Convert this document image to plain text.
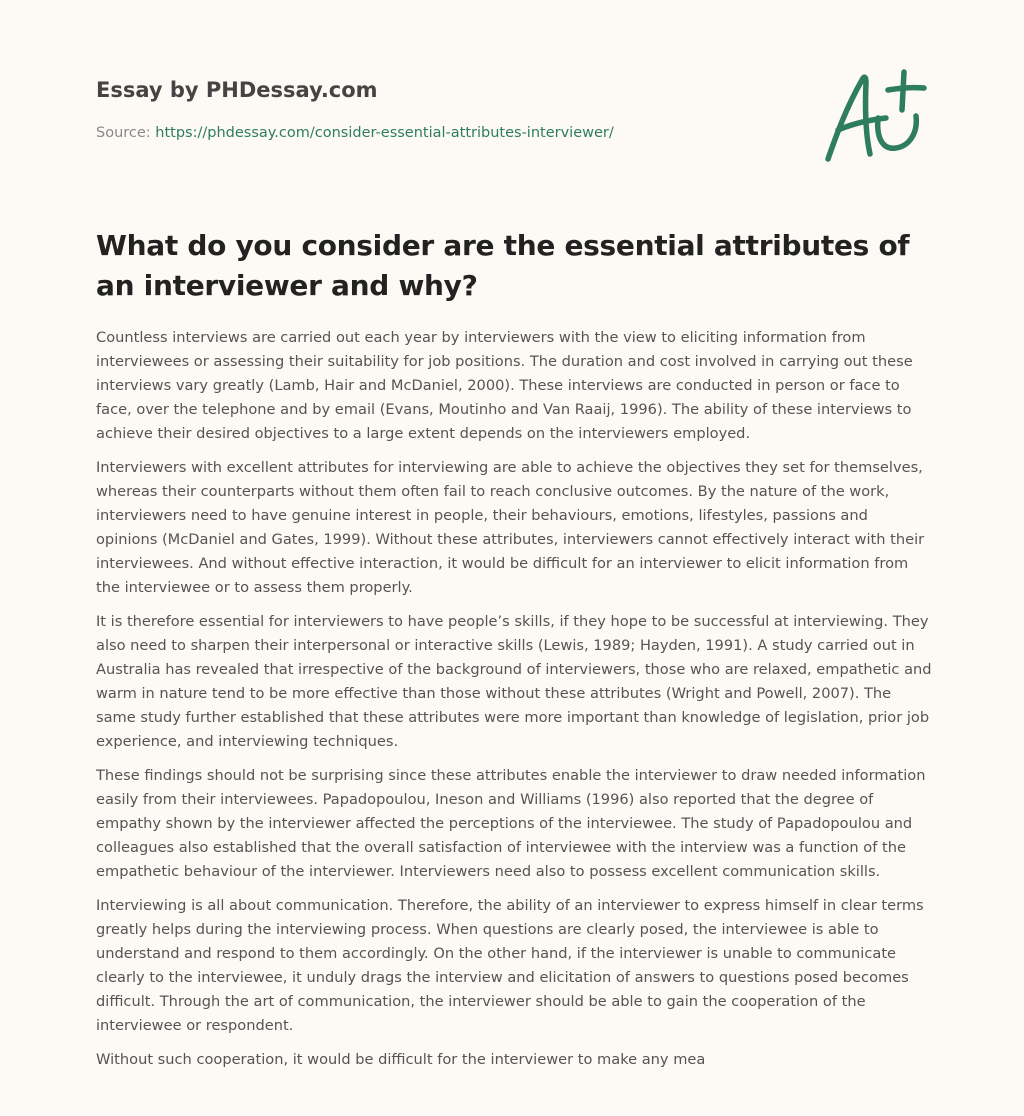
Essay by PHDessay.com
Source: https://phdessay.com/consider-essential-attributes-interviewer/
What do you consider are the essential attributes of an interviewer and why?

Countless interviews are carried out each year by interviewers with the view to eliciting information from interviewees or assessing their suitability for job positions. The duration and cost involved in carrying out these interviews vary greatly (Lamb, Hair and McDaniel, 2000). These interviews are conducted in person or face to face, over the telephone and by email (Evans, Moutinho and Van Raaij, 1996). The ability of these interviews to achieve their desired objectives to a large extent depends on the interviewers employed.

Interviewers with excellent attributes for interviewing are able to achieve the objectives they set for themselves, whereas their counterparts without them often fail to reach conclusive outcomes. By the nature of the work, interviewers need to have genuine interest in people, their behaviours, emotions, lifestyles, passions and opinions (McDaniel and Gates, 1999). Without these attributes, interviewers cannot effectively interact with their interviewees. And without effective interaction, it would be difficult for an interviewer to elicit information from the interviewee or to assess them properly.

It is therefore essential for interviewers to have people’s skills, if they hope to be successful at interviewing. They also need to sharpen their interpersonal or interactive skills (Lewis, 1989; Hayden, 1991). A study carried out in Australia has revealed that irrespective of the background of interviewers, those who are relaxed, empathetic and warm in nature tend to be more effective than those without these attributes (Wright and Powell, 2007). The same study further established that these attributes were more important than knowledge of legislation, prior job experience, and interviewing techniques.

These findings should not be surprising since these attributes enable the interviewer to draw needed information easily from their interviewees. Papadopoulou, Ineson and Williams (1996) also reported that the degree of empathy shown by the interviewer affected the perceptions of the interviewee. The study of Papadopoulou and colleagues also established that the overall satisfaction of interviewee with the interview was a function of the empathetic behaviour of the interviewer. Interviewers need also to possess excellent communication skills.

Interviewing is all about communication. Therefore, the ability of an interviewer to express himself in clear terms greatly helps during the interviewing process. When questions are clearly posed, the interviewee is able to understand and respond to them accordingly. On the other hand, if the interviewer is unable to communicate clearly to the interviewee, it unduly drags the interview and elicitation of answers to questions posed becomes difficult. Through the art of communication, the interviewer should be able to gain the cooperation of the interviewee or respondent.

Without such cooperation, it would be difficult for the interviewer to make any mea
